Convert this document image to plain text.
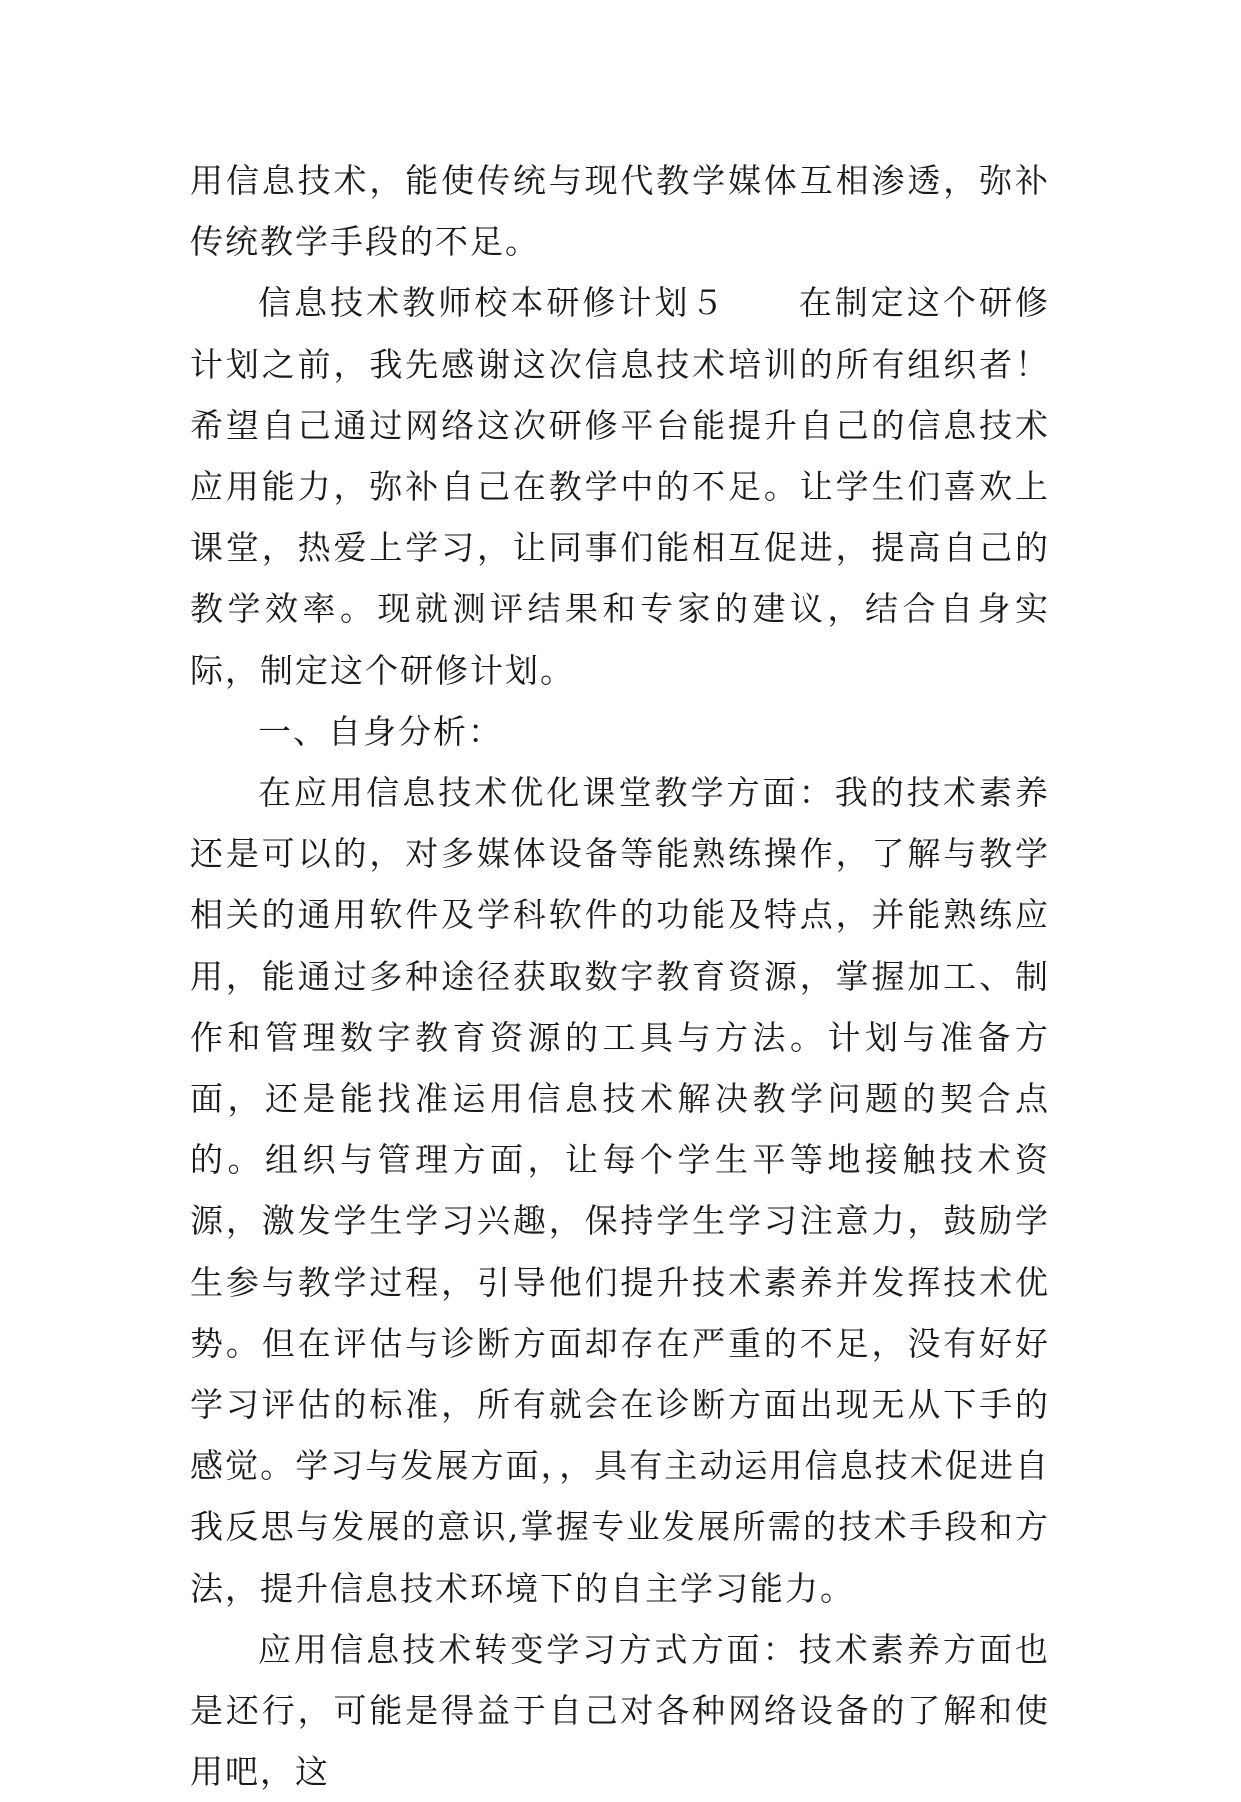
用信息技术，能使传统与现代教学媒体互相渗透，弥补传统教学手段的不足。

信息技术教师校本研修计划５　　在制定这个研修计划之前，我先感谢这次信息技术培训的所有组织者！希望自己通过网络这次研修平台能提升自己的信息技术应用能力，弥补自己在教学中的不足。让学生们喜欢上课堂，热爱上学习，让同事们能相互促进，提高自己的教学效率。现就测评结果和专家的建议，结合自身实际，制定这个研修计划。

一、自身分析：

在应用信息技术优化课堂教学方面：我的技术素养还是可以的，对多媒体设备等能熟练操作，了解与教学相关的通用软件及学科软件的功能及特点，并能熟练应用，能通过多种途径获取数字教育资源，掌握加工、制作和管理数字教育资源的工具与方法。计划与准备方面，还是能找准运用信息技术解决教学问题的契合点的。组织与管理方面，让每个学生平等地接触技术资源，激发学生学习兴趣，保持学生学习注意力，鼓励学生参与教学过程，引导他们提升技术素养并发挥技术优势。但在评估与诊断方面却存在严重的不足，没有好好学习评估的标准，所有就会在诊断方面出现无从下手的感觉。学习与发展方面，，具有主动运用信息技术促进自我反思与发展的意识,掌握专业发展所需的技术手段和方法，提升信息技术环境下的自主学习能力。

应用信息技术转变学习方式方面：技术素养方面也是还行，可能是得益于自己对各种网络设备的了解和使用吧，这
